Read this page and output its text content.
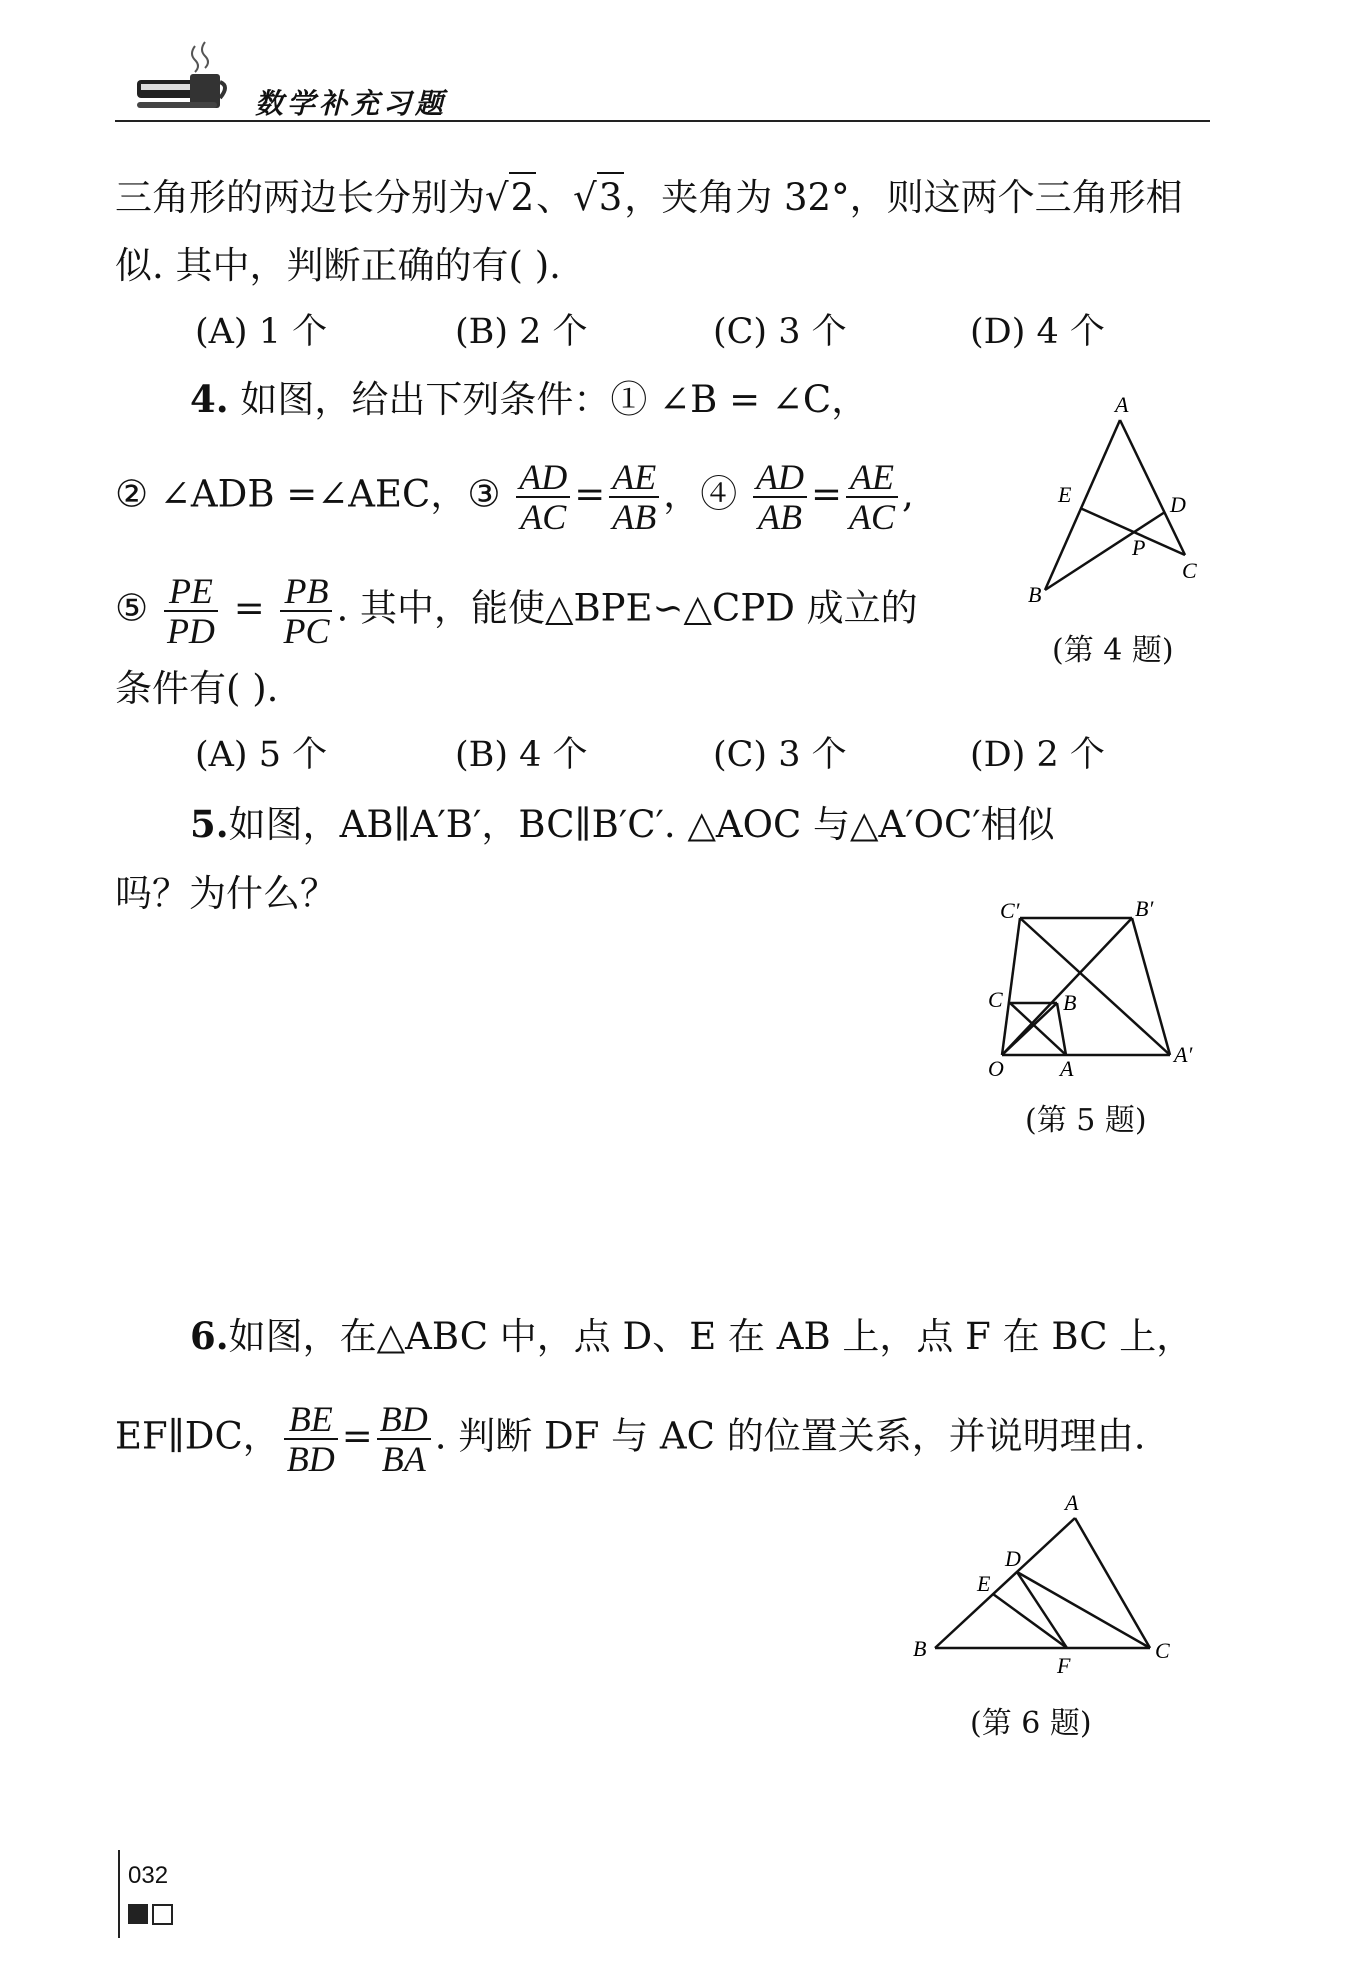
数学补充习题
三角形的两边长分别为√2、√3，夹角为 32°，则这两个三角形相
似. 其中，判断正确的有( ).
(A) 1 个	(B) 2 个	(C) 3 个	(D) 4 个
4. 如图，给出下列条件：① ∠B = ∠C，
② ∠ADB =∠AEC，③ $\frac{AD}{AC} = \frac{AE}{AB}$ ，④ $\frac{AD}{AB} = \frac{AE}{AC}$ ,
⑤ $\frac{PE}{PD} = \frac{PB}{PC}$ . 其中，能使△BPE∽△CPD 成立的
条件有( ).
(A) 5 个	(B) 4 个	(C) 3 个	(D) 2 个
A
E	D
P
C
B
(第 4 题)
5.如图，AB∥A′B′，BC∥B′C′. △AOC 与△A′OC′相似
吗？为什么？	C′	B′
C	B
O	A
A′
(第 5 题)
6.如图，在△ABC 中，点 D、E 在 AB 上，点 F 在 BC 上，
EF∥DC， $\frac{BE}{BD} = \frac{BD}{BA}$ . 判断 DF 与 AC 的位置关系，并说明理由.
A
D
E
B
F
C
(第 6 题)
032
